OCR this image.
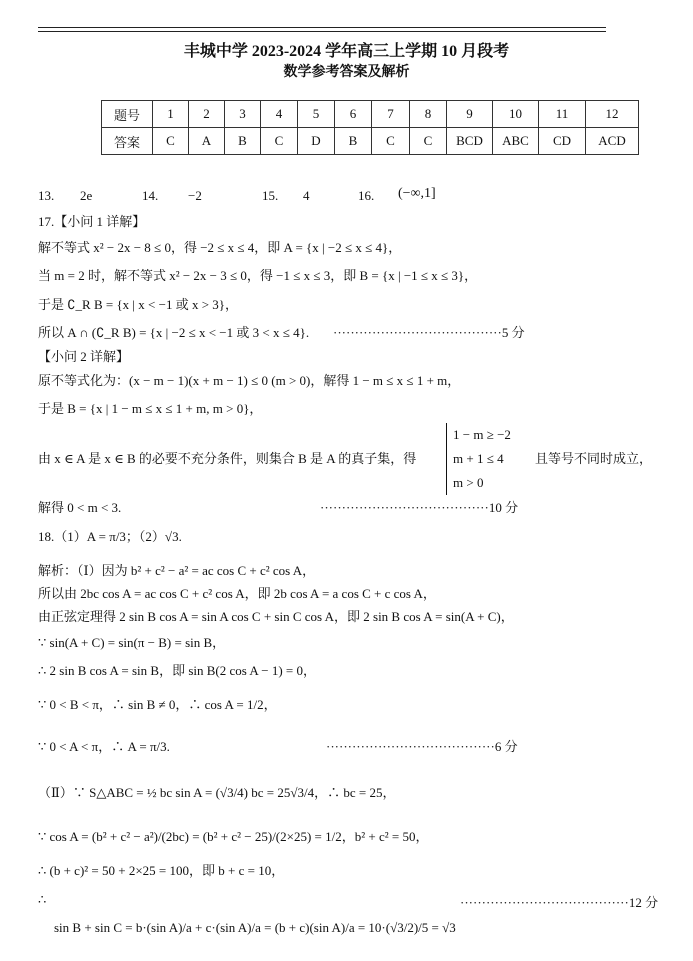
丰城中学 2023-2024 学年高三上学期 10 月段考
数学参考答案及解析
题号	1	2	3	4	5	6	7	8	9	10	11	12
答案	C	A	B	C	D	B	C	C	BCD	ABC	CD	ACD
13. 2e	14. −2	15. 4	16. (−∞,1]
17.【小问 1 详解】
解不等式 x² − 2x − 8 ≤ 0，得 −2 ≤ x ≤ 4，即 A = {x | −2 ≤ x ≤ 4}，
当 m = 2 时，解不等式 x² − 2x − 3 ≤ 0，得 −1 ≤ x ≤ 3，即 B = {x | −1 ≤ x ≤ 3}，
于是 ∁_R B = {x | x < −1 或 x > 3}，
所以 A ∩ (∁_R B) = {x | −2 ≤ x < −1 或 3 < x ≤ 4}. ·······································5 分
【小问 2 详解】
原不等式化为：(x − m − 1)(x + m − 1) ≤ 0 (m > 0)，解得 1 − m ≤ x ≤ 1 + m，
于是 B = {x | 1 − m ≤ x ≤ 1 + m, m > 0}，
由 x ∈ A 是 x ∈ B 的必要不充分条件，则集合 B 是 A 的真子集，得
1 − m ≥ −2
m + 1 ≤ 4
m > 0
且等号不同时成立，
解得 0 < m < 3.	·······································10 分
18.（1）A = π/3；（2）√3.
解析：（Ⅰ）因为 b² + c² − a² = ac cos C + c² cos A，
所以由 2bc cos A = ac cos C + c² cos A，即 2b cos A = a cos C + c cos A，
由正弦定理得 2 sin B cos A = sin A cos C + sin C cos A，即 2 sin B cos A = sin(A + C)，
∵ sin(A + C) = sin(π − B) = sin B，
∴ 2 sin B cos A = sin B，即 sin B(2 cos A − 1) = 0，
∵ 0 < B < π，∴ sin B ≠ 0，∴ cos A = 1/2，
∵ 0 < A < π，∴ A = π/3.	·······································6 分
（Ⅱ）∵ S△ABC = ½ bc sin A = (√3/4) bc = 25√3/4，∴ bc = 25，
∵ cos A = (b² + c² − a²)/(2bc) = (b² + c² − 25)/(2×25) = 1/2，b² + c² = 50，
∴ (b + c)² = 50 + 2×25 = 100，即 b + c = 10，
∴	·······································12 分
sin B + sin C = b·(sin A)/a + c·(sin A)/a = (b + c)(sin A)/a = 10·(√3/2)/5 = √3
